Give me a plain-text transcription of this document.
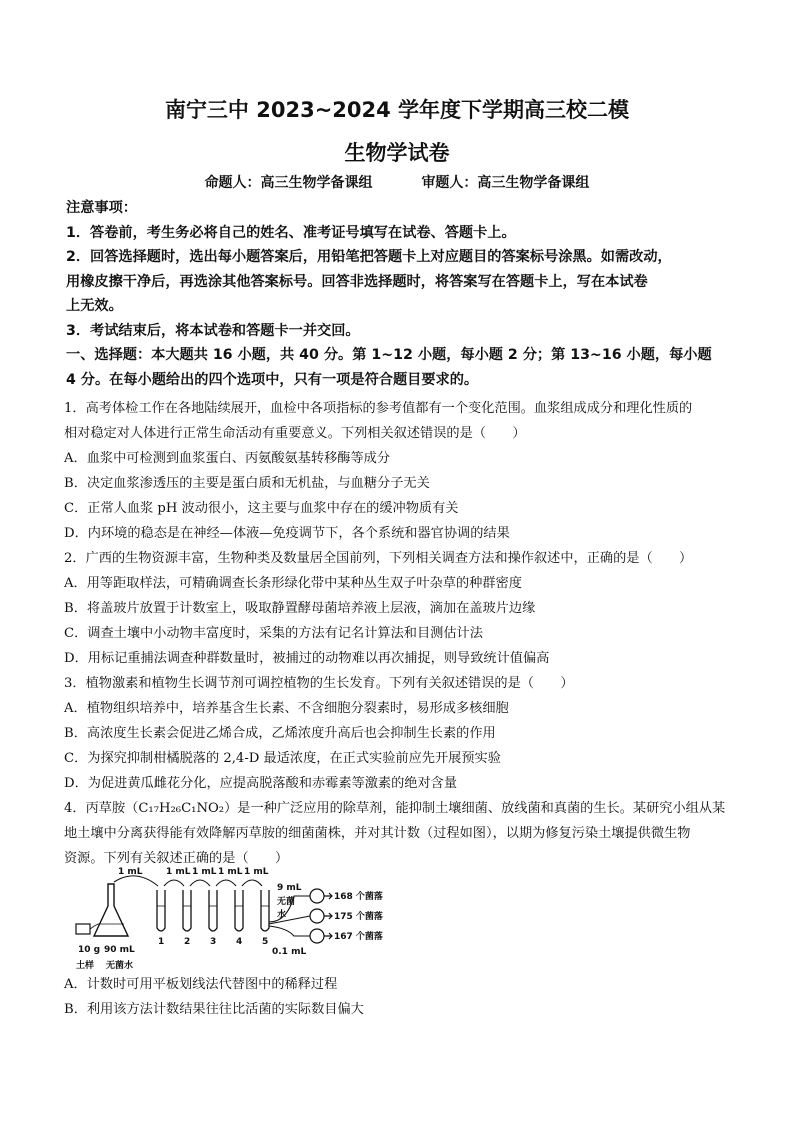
南宁三中 2023~2024 学年度下学期高三校二模
生物学试卷
命题人：高三生物学备课组	审题人：高三生物学备课组

注意事项：

1．答卷前，考生务必将自己的姓名、准考证号填写在试卷、答题卡上。

2．回答选择题时，选出每小题答案后，用铅笔把答题卡上对应题目的答案标号涂黑。如需改动，

用橡皮擦干净后，再选涂其他答案标号。回答非选择题时，将答案写在答题卡上，写在本试卷

上无效。

3．考试结束后，将本试卷和答题卡一并交回。

一、选择题：本大题共 16 小题，共 40 分。第 1~12 小题，每小题 2 分；第 13~16 小题，每小题

4 分。在每小题给出的四个选项中，只有一项是符合题目要求的。

1．高考体检工作在各地陆续展开，血检中各项指标的参考值都有一个变化范围。血浆组成成分和理化性质的

相对稳定对人体进行正常生命活动有重要意义。下列相关叙述错误的是（　　）

A．血浆中可检测到血浆蛋白、丙氨酸氨基转移酶等成分

B．决定血浆渗透压的主要是蛋白质和无机盐，与血糖分子无关

C．正常人血浆 pH 波动很小，这主要与血浆中存在的缓冲物质有关

D．内环境的稳态是在神经—体液—免疫调节下，各个系统和器官协调的结果

2．广西的生物资源丰富，生物种类及数量居全国前列，下列相关调查方法和操作叙述中，正确的是（　　）

A．用等距取样法，可精确调查长条形绿化带中某种丛生双子叶杂草的种群密度

B．将盖玻片放置于计数室上，吸取静置酵母菌培养液上层液，滴加在盖玻片边缘

C．调查土壤中小动物丰富度时，采集的方法有记名计算法和目测估计法

D．用标记重捕法调查种群数量时，被捕过的动物难以再次捕捉，则导致统计值偏高

3．植物激素和植物生长调节剂可调控植物的生长发育。下列有关叙述错误的是（　　）

A．植物组织培养中，培养基含生长素、不含细胞分裂素时，易形成多核细胞

B．高浓度生长素会促进乙烯合成，乙烯浓度升高后也会抑制生长素的作用

C．为探究抑制柑橘脱落的 2,4-D 最适浓度，在正式实验前应先开展预实验

D．为促进黄瓜雌花分化，应提高脱落酸和赤霉素等激素的绝对含量

4．丙草胺（C₁₇H₂₆C₁NO₂）是一种广泛应用的除草剂，能抑制土壤细菌、放线菌和真菌的生长。某研究小组从某

地土壤中分离获得能有效降解丙草胺的细菌菌株，并对其计数（过程如图），以期为修复污染土壤提供微生物

资源。下列有关叙述正确的是（　　）

1 mL	1 mL 1 mL 1 mL 1 mL
1 2 3 4 5
9 mL
无菌
水
0.1 mL
10 g 90 mL
土样 无菌水
168 个菌落
175 个菌落
167 个菌落

A．计数时可用平板划线法代替图中的稀释过程

B．利用该方法计数结果往往比活菌的实际数目偏大
